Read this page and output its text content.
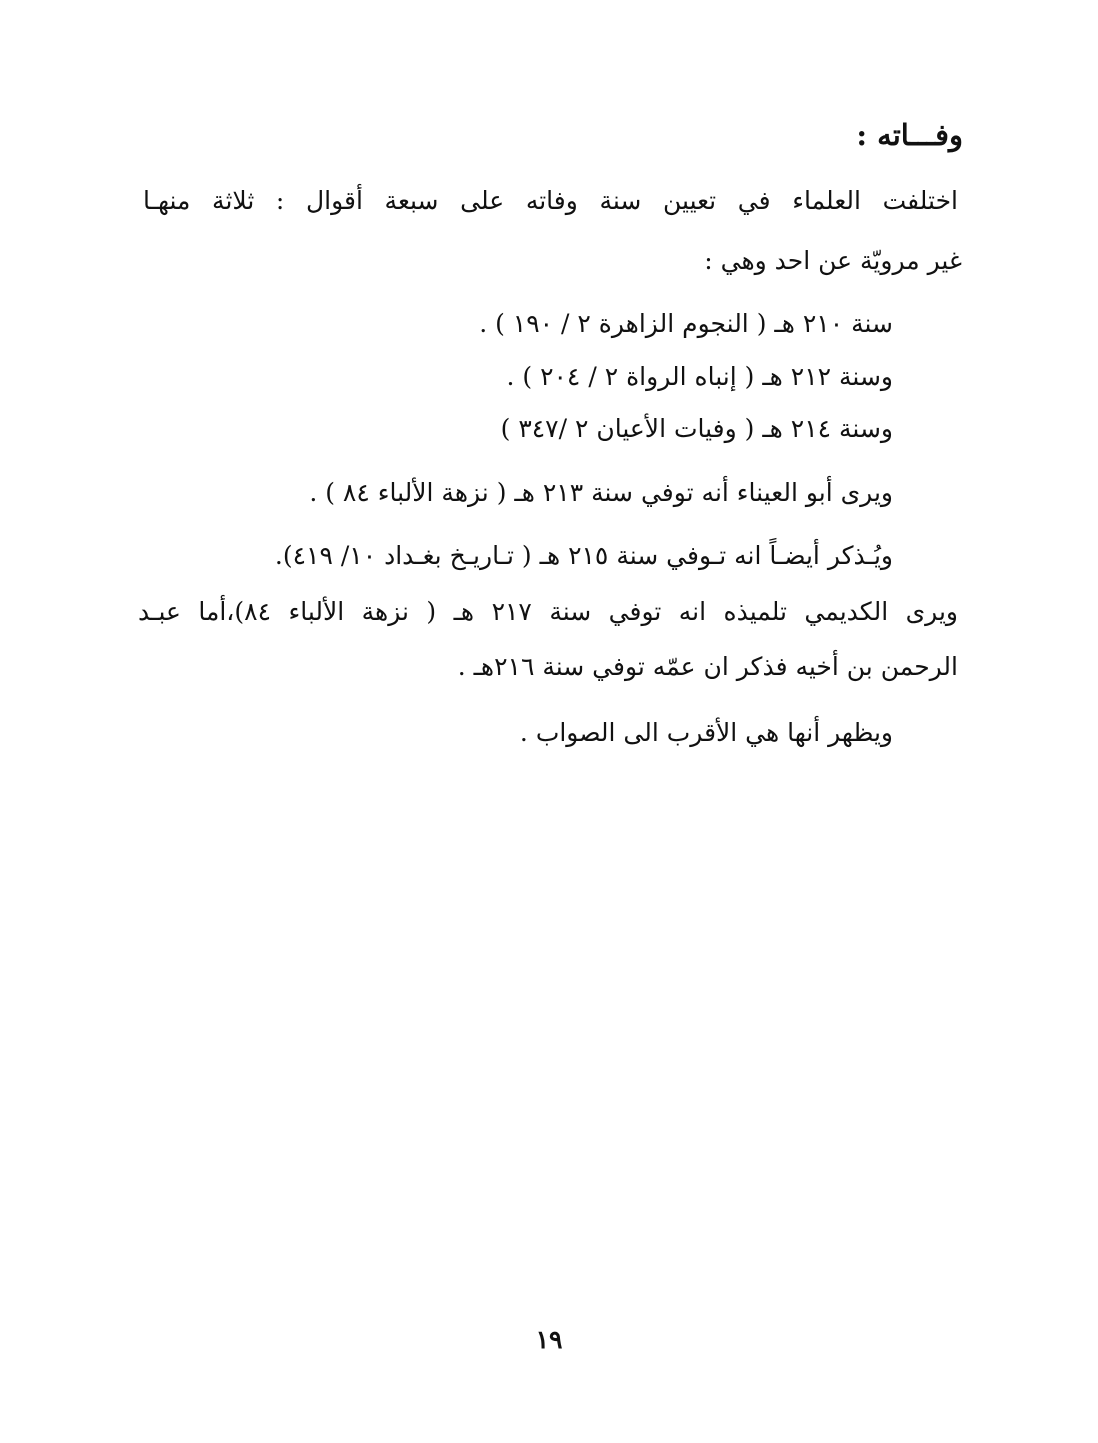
وفـــاته :
اختلفت العلماء في تعيين سنة وفاته على سبعة أقوال : ثلاثة منهـا
غير مرويّة عن احد وهي :
سنة ٢١٠ هـ ( النجوم الزاهرة ٢ / ١٩٠ ) .
وسنة ٢١٢ هـ ( إنباه الرواة ٢ / ٢٠٤ ) .
وسنة ٢١٤ هـ ( وفيات الأعيان ٢ /٣٤٧ )
ويرى أبو العيناء أنه توفي سنة ٢١٣ هـ ( نزهة الألباء ٨٤ ) .
ويُـذكر أيضـاً انه تـوفي سنة ٢١٥ هـ ( تـاريـخ بغـداد ١٠/ ٤١٩).
ويرى الكديمي تلميذه انه توفي سنة ٢١٧ هـ ( نزهة الألباء ٨٤)،أما عبـد
الرحمن بن أخيه فذكر ان عمّه توفي سنة ٢١٦هـ .
ويظهر أنها هي الأقرب الى الصواب .
١٩
